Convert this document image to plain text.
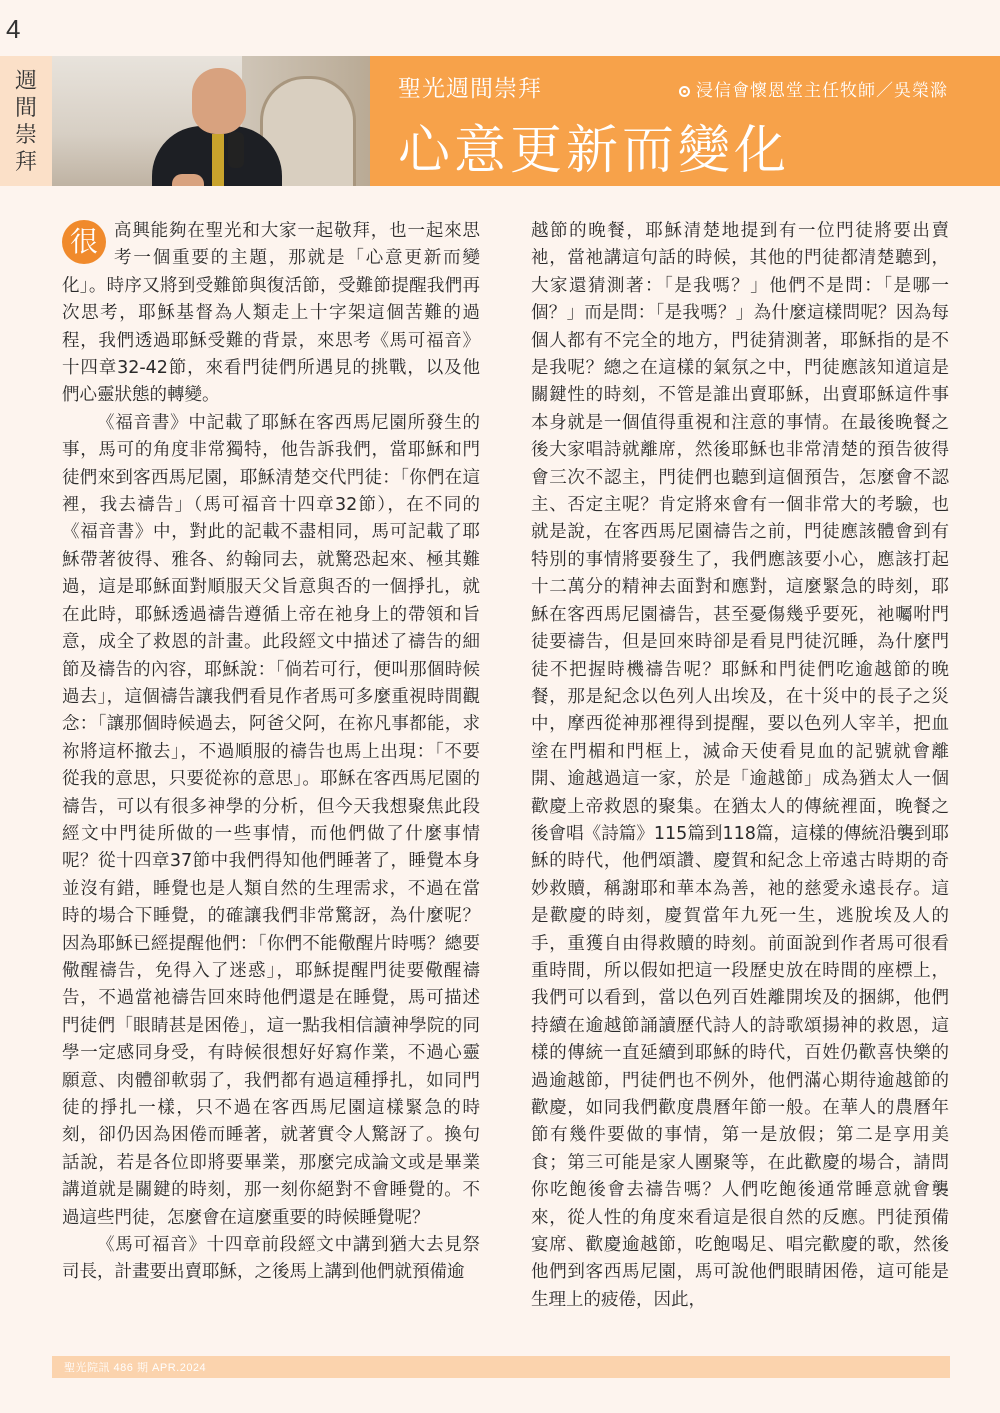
4
週
間
崇
拜
聖光週間崇拜	浸信會懷恩堂主任牧師／吳榮滁
心意更新而變化

很 高興能夠在聖光和大家一起敬拜，也一起來思考一個重要的主題，那就是「心意更新而變化」。時序又將到受難節與復活節，受難節提醒我們再次思考，耶穌基督為人類走上十字架這個苦難的過程，我們透過耶穌受難的背景，來思考《馬可福音》十四章32-42節，來看門徒們所遇見的挑戰，以及他們心靈狀態的轉變。

《福音書》中記載了耶穌在客西馬尼園所發生的事，馬可的角度非常獨特，他告訴我們，當耶穌和門徒們來到客西馬尼園，耶穌清楚交代門徒：「你們在這裡，我去禱告」（馬可福音十四章32節），在不同的《福音書》中，對此的記載不盡相同，馬可記載了耶穌帶著彼得、雅各、約翰同去，就驚恐起來、極其難過，這是耶穌面對順服天父旨意與否的一個掙扎，就在此時，耶穌透過禱告遵循上帝在祂身上的帶領和旨意，成全了救恩的計畫。此段經文中描述了禱告的細節及禱告的內容，耶穌說：「倘若可行，便叫那個時候過去」，這個禱告讓我們看見作者馬可多麼重視時間觀念：「讓那個時候過去，阿爸父阿，在祢凡事都能，求祢將這杯撤去」，不過順服的禱告也馬上出現：「不要從我的意思，只要從祢的意思」。耶穌在客西馬尼園的禱告，可以有很多神學的分析，但今天我想聚焦此段經文中門徒所做的一些事情，而他們做了什麼事情呢？從十四章37節中我們得知他們睡著了，睡覺本身並沒有錯，睡覺也是人類自然的生理需求，不過在當時的場合下睡覺，的確讓我們非常驚訝，為什麼呢？因為耶穌已經提醒他們：「你們不能儆醒片時嗎？總要儆醒禱告，免得入了迷惑」，耶穌提醒門徒要儆醒禱告，不過當祂禱告回來時他們還是在睡覺，馬可描述門徒們「眼睛甚是困倦」，這一點我相信讀神學院的同學一定感同身受，有時候很想好好寫作業，不過心靈願意、肉體卻軟弱了，我們都有過這種掙扎，如同門徒的掙扎一樣，只不過在客西馬尼園這樣緊急的時刻，卻仍因為困倦而睡著，就著實令人驚訝了。換句話說，若是各位即將要畢業，那麼完成論文或是畢業講道就是關鍵的時刻，那一刻你絕對不會睡覺的。不過這些門徒，怎麼會在這麼重要的時候睡覺呢？

《馬可福音》十四章前段經文中講到猶大去見祭司長，計畫要出賣耶穌，之後馬上講到他們就預備逾

越節的晚餐，耶穌清楚地提到有一位門徒將要出賣祂，當祂講這句話的時候，其他的門徒都清楚聽到，大家還猜測著：「是我嗎？」他們不是問：「是哪一個？」而是問：「是我嗎？」為什麼這樣問呢？因為每個人都有不完全的地方，門徒猜測著，耶穌指的是不是我呢？總之在這樣的氣氛之中，門徒應該知道這是關鍵性的時刻，不管是誰出賣耶穌，出賣耶穌這件事本身就是一個值得重視和注意的事情。在最後晚餐之後大家唱詩就離席，然後耶穌也非常清楚的預告彼得會三次不認主，門徒們也聽到這個預告，怎麼會不認主、否定主呢？肯定將來會有一個非常大的考驗，也就是說，在客西馬尼園禱告之前，門徒應該體會到有特別的事情將要發生了，我們應該要小心，應該打起十二萬分的精神去面對和應對，這麼緊急的時刻，耶穌在客西馬尼園禱告，甚至憂傷幾乎要死，祂囑咐門徒要禱告，但是回來時卻是看見門徒沉睡，為什麼門徒不把握時機禱告呢？耶穌和門徒們吃逾越節的晚餐，那是紀念以色列人出埃及，在十災中的長子之災中，摩西從神那裡得到提醒，要以色列人宰羊，把血塗在門楣和門框上，滅命天使看見血的記號就會離開、逾越過這一家，於是「逾越節」成為猶太人一個歡慶上帝救恩的聚集。在猶太人的傳統裡面，晚餐之後會唱《詩篇》115篇到118篇，這樣的傳統沿襲到耶穌的時代，他們頌讚、慶賀和紀念上帝遠古時期的奇妙救贖，稱謝耶和華本為善，祂的慈愛永遠長存。這是歡慶的時刻，慶賀當年九死一生，逃脫埃及人的手，重獲自由得救贖的時刻。前面說到作者馬可很看重時間，所以假如把這一段歷史放在時間的座標上，我們可以看到，當以色列百姓離開埃及的捆綁，他們持續在逾越節誦讀歷代詩人的詩歌頌揚神的救恩，這樣的傳統一直延續到耶穌的時代，百姓仍歡喜快樂的過逾越節，門徒們也不例外，他們滿心期待逾越節的歡慶，如同我們歡度農曆年節一般。在華人的農曆年節有幾件要做的事情，第一是放假；第二是享用美食；第三可能是家人團聚等，在此歡慶的場合，請問你吃飽後會去禱告嗎？人們吃飽後通常睡意就會襲來，從人性的角度來看這是很自然的反應。門徒預備宴席、歡慶逾越節，吃飽喝足、唱完歡慶的歌，然後他們到客西馬尼園，馬可說他們眼睛困倦，這可能是生理上的疲倦，因此，

聖光院訊 486 期 APR.2024
